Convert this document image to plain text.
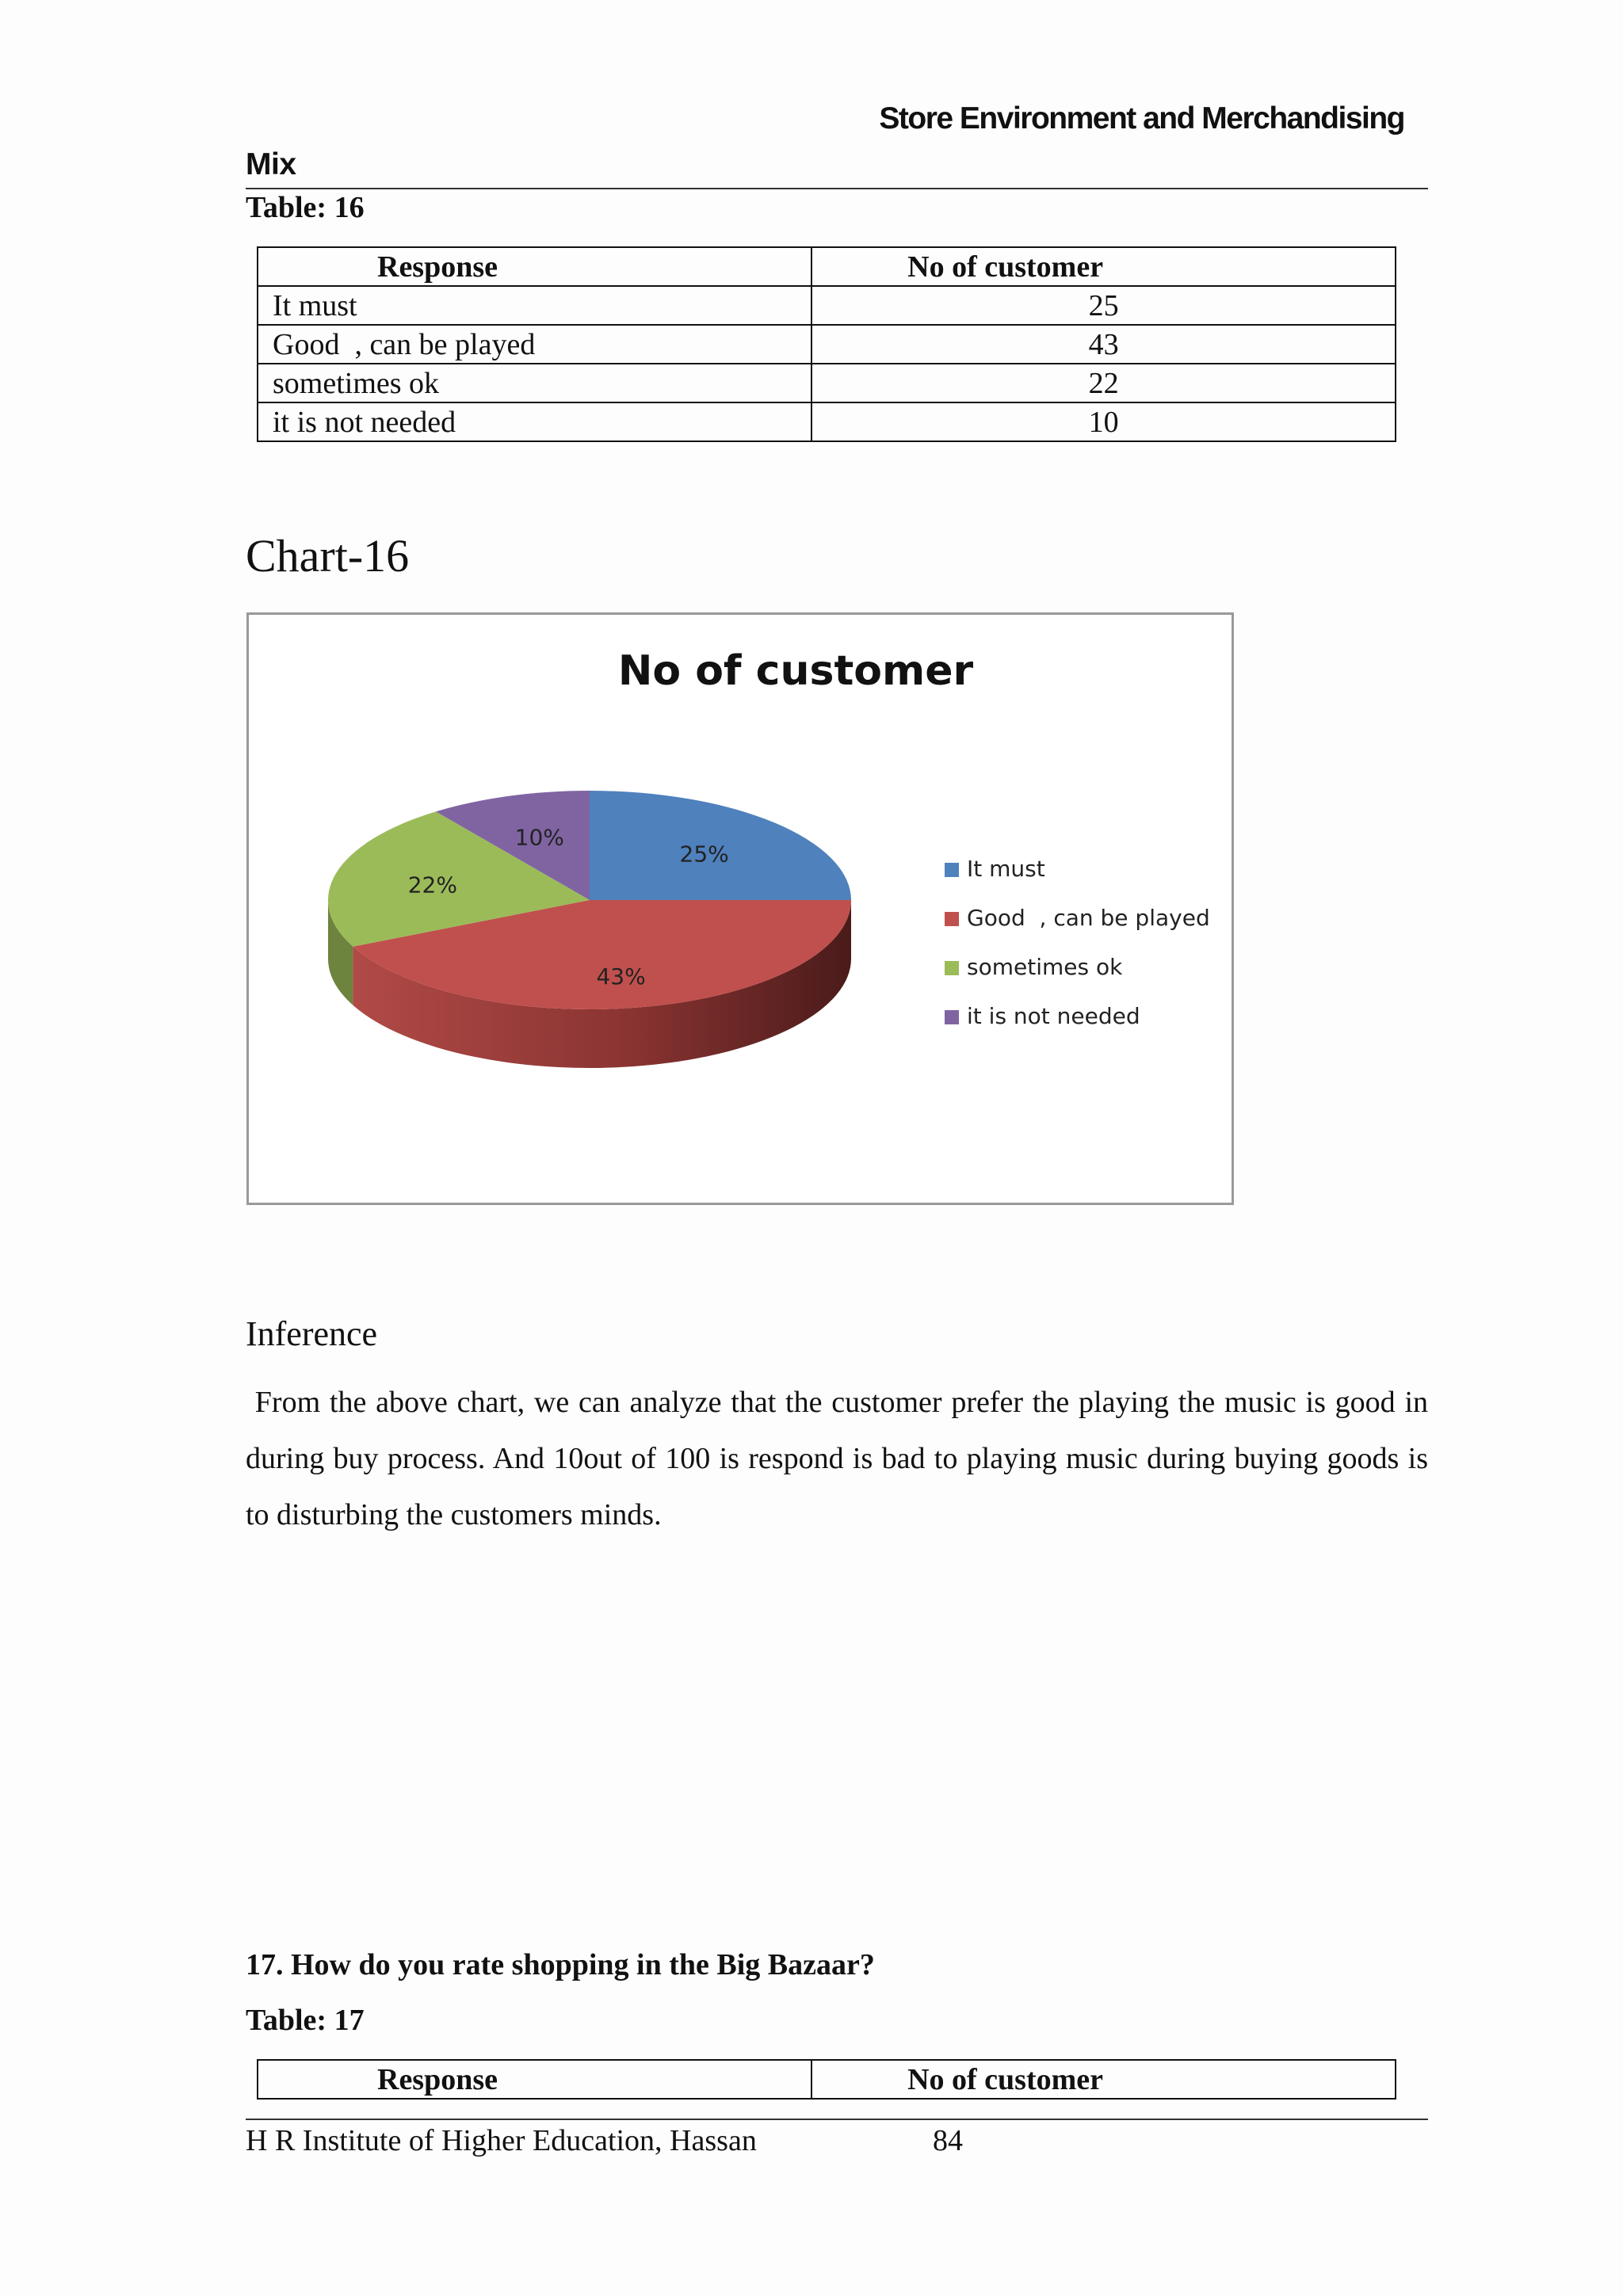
Store Environment and Merchandising
Mix
Table: 16
Response	No of customer
It must	25
Good  , can be played	43
sometimes ok	22
it is not needed	10
Chart-16
No of customer
25%
43%
22%
10%
It must
Good  , can be played
sometimes ok
it is not needed
Inference
From the above chart, we can analyze that the customer prefer the playing the music is good in during buy process. And 10out of 100 is respond is bad to playing music during buying goods is to disturbing the customers minds.
17. How do you rate shopping in the Big Bazaar?
Table: 17
Response	No of customer
H R Institute of Higher Education, Hassan	84
